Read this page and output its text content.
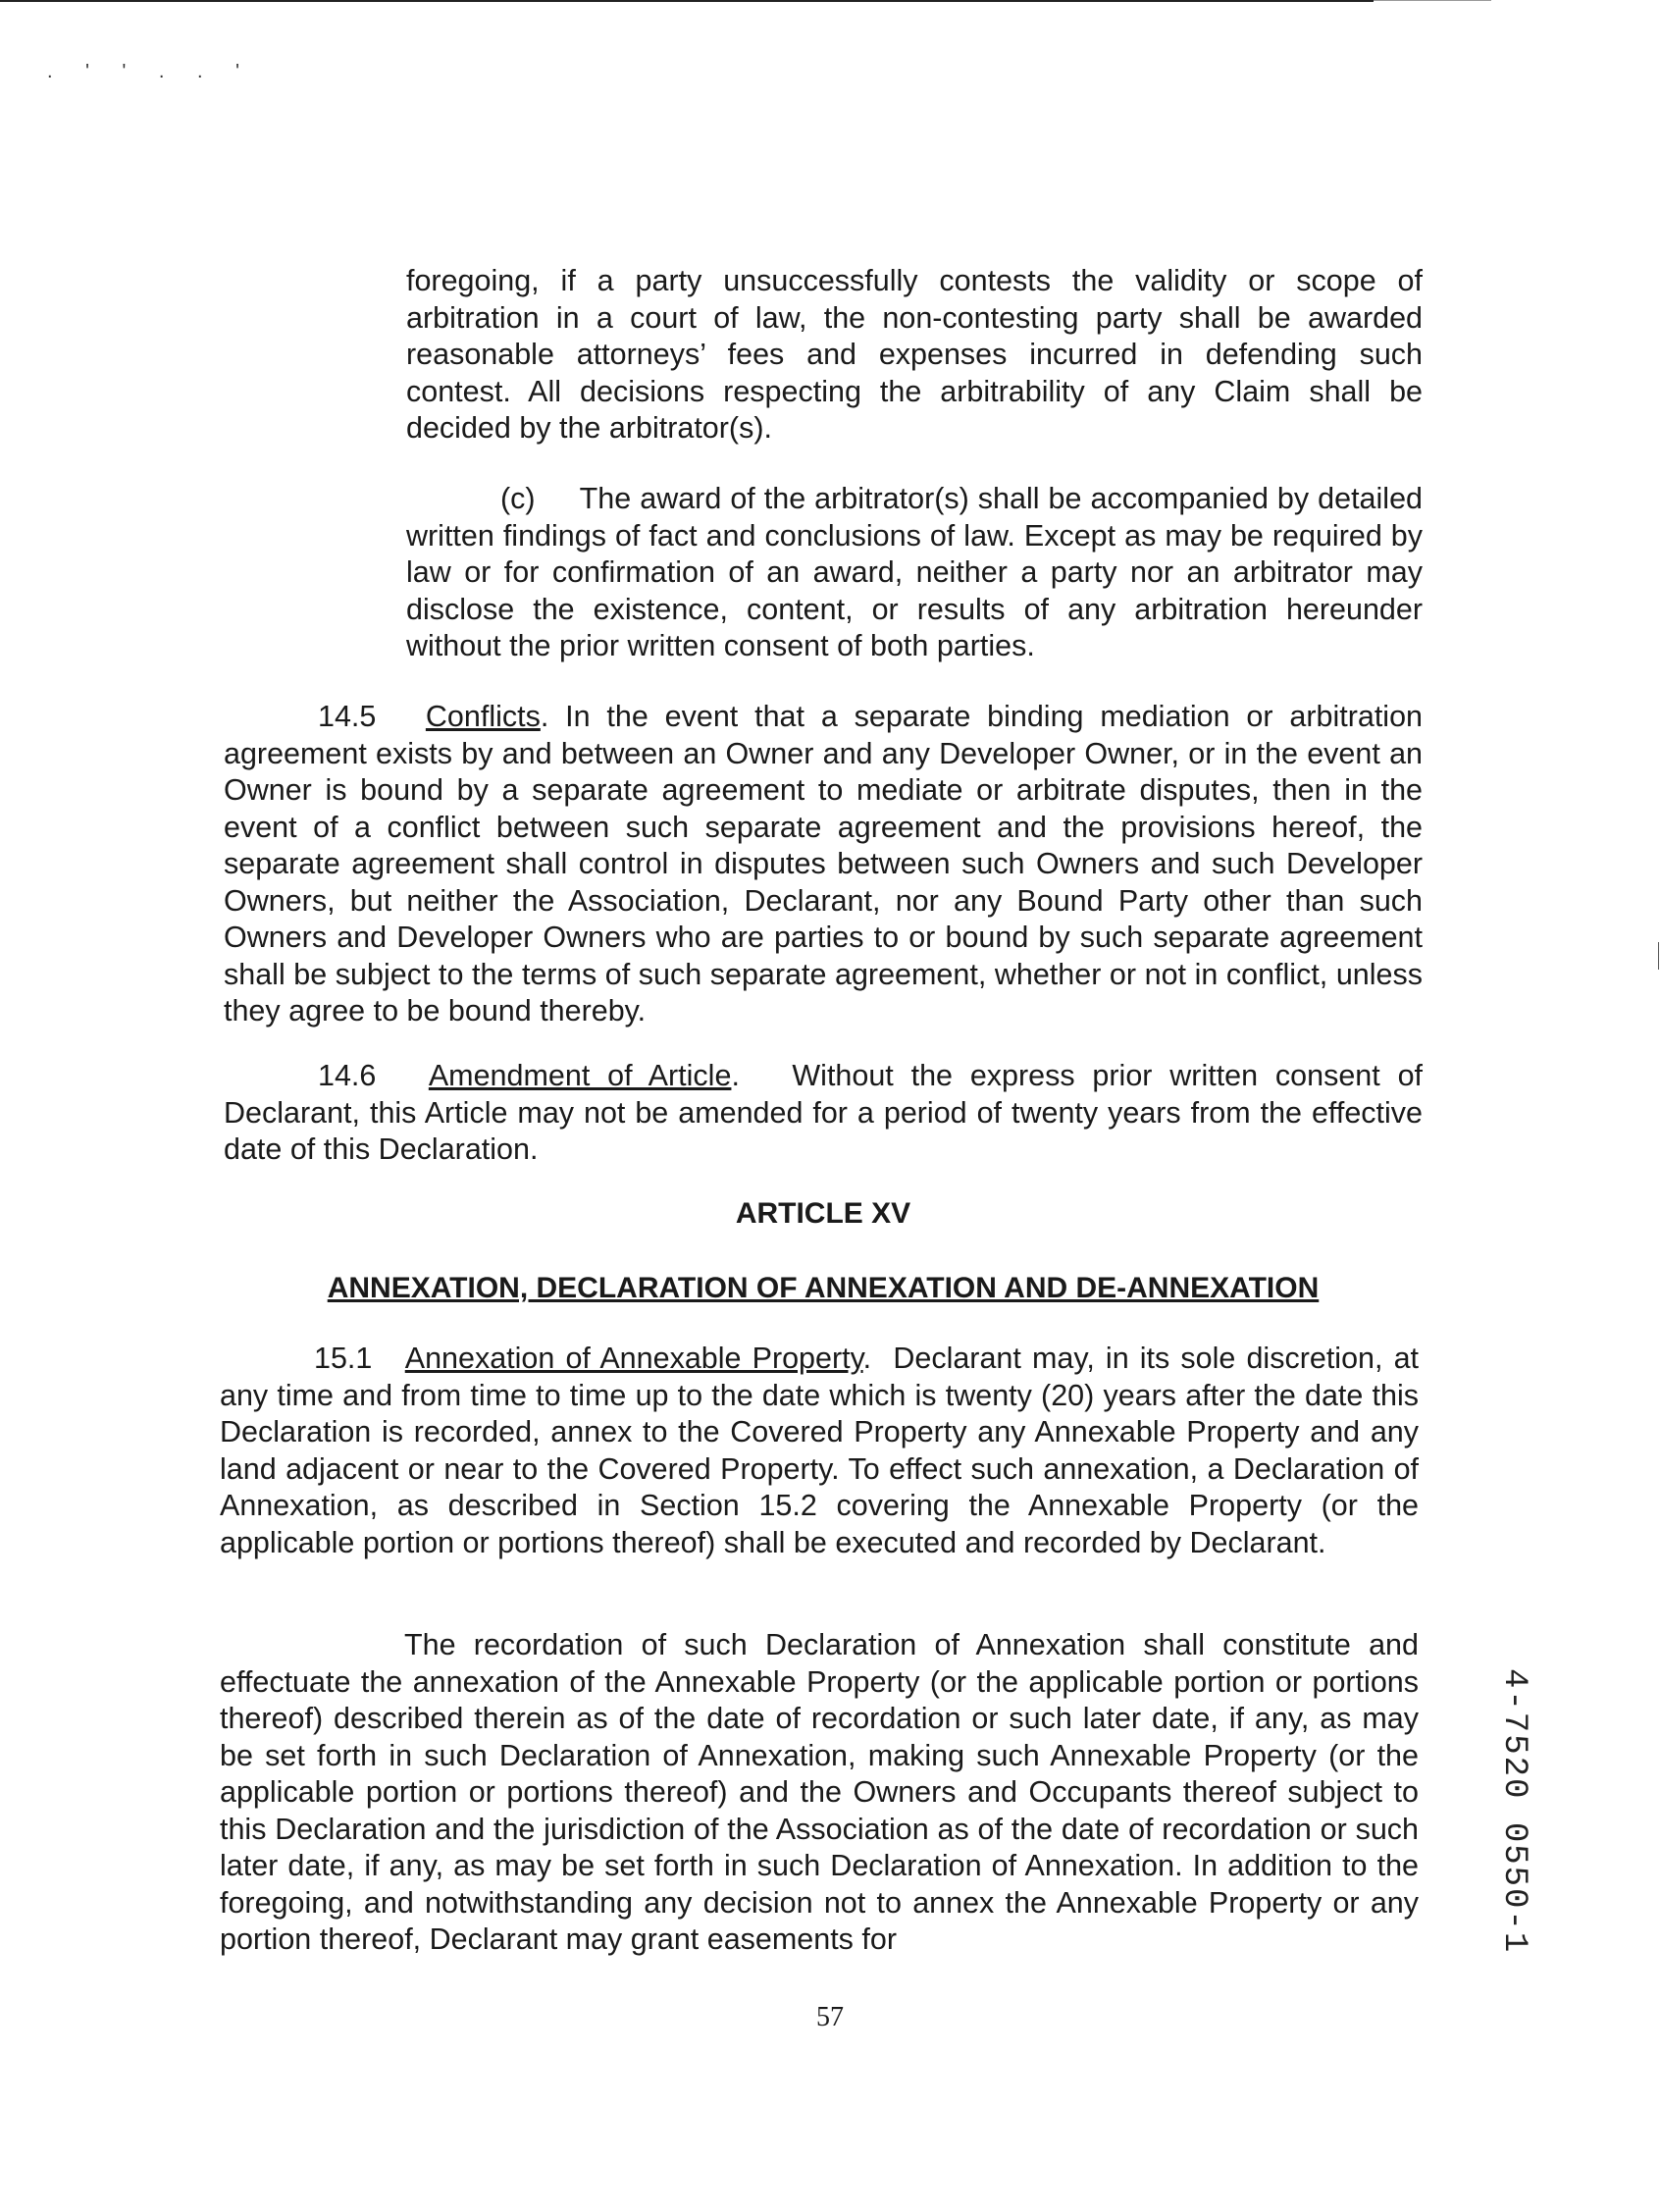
. ' ' . . '

foregoing, if a party unsuccessfully contests the validity or scope of arbitration in a court of law, the non-contesting party shall be awarded reasonable attorneys’ fees and expenses incurred in defending such contest. All decisions respecting the arbitrability of any Claim shall be decided by the arbitrator(s).

(c) The award of the arbitrator(s) shall be accompanied by detailed written findings of fact and conclusions of law. Except as may be required by law or for confirmation of an award, neither a party nor an arbitrator may disclose the existence, content, or results of any arbitration hereunder without the prior written consent of both parties.

14.5 Conflicts. In the event that a separate binding mediation or arbitration agreement exists by and between an Owner and any Developer Owner, or in the event an Owner is bound by a separate agreement to mediate or arbitrate disputes, then in the event of a conflict between such separate agreement and the provisions hereof, the separate agreement shall control in disputes between such Owners and such Developer Owners, but neither the Association, Declarant, nor any Bound Party other than such Owners and Developer Owners who are parties to or bound by such separate agreement shall be subject to the terms of such separate agreement, whether or not in conflict, unless they agree to be bound thereby.

14.6 Amendment of Article.   Without the express prior written consent of Declarant, this Article may not be amended for a period of twenty years from the effective date of this Declaration.

ARTICLE XV
ANNEXATION, DECLARATION OF ANNEXATION AND DE-ANNEXATION

15.1 Annexation of Annexable Property.  Declarant may, in its sole discretion, at any time and from time to time up to the date which is twenty (20) years after the date this Declaration is recorded, annex to the Covered Property any Annexable Property and any land adjacent or near to the Covered Property. To effect such annexation, a Declaration of Annexation, as described in Section 15.2 covering the Annexable Property (or the applicable portion or portions thereof) shall be executed and recorded by Declarant.

The recordation of such Declaration of Annexation shall constitute and effectuate the annexation of the Annexable Property (or the applicable portion or portions thereof) described therein as of the date of recordation or such later date, if any, as may be set forth in such Declaration of Annexation, making such Annexable Property (or the applicable portion or portions thereof) and the Owners and Occupants thereof subject to this Declaration and the jurisdiction of the Association as of the date of recordation or such later date, if any, as may be set forth in such Declaration of Annexation. In addition to the foregoing, and notwithstanding any decision not to annex the Annexable Property or any portion thereof, Declarant may grant easements for

57
4-7520 0550-1
